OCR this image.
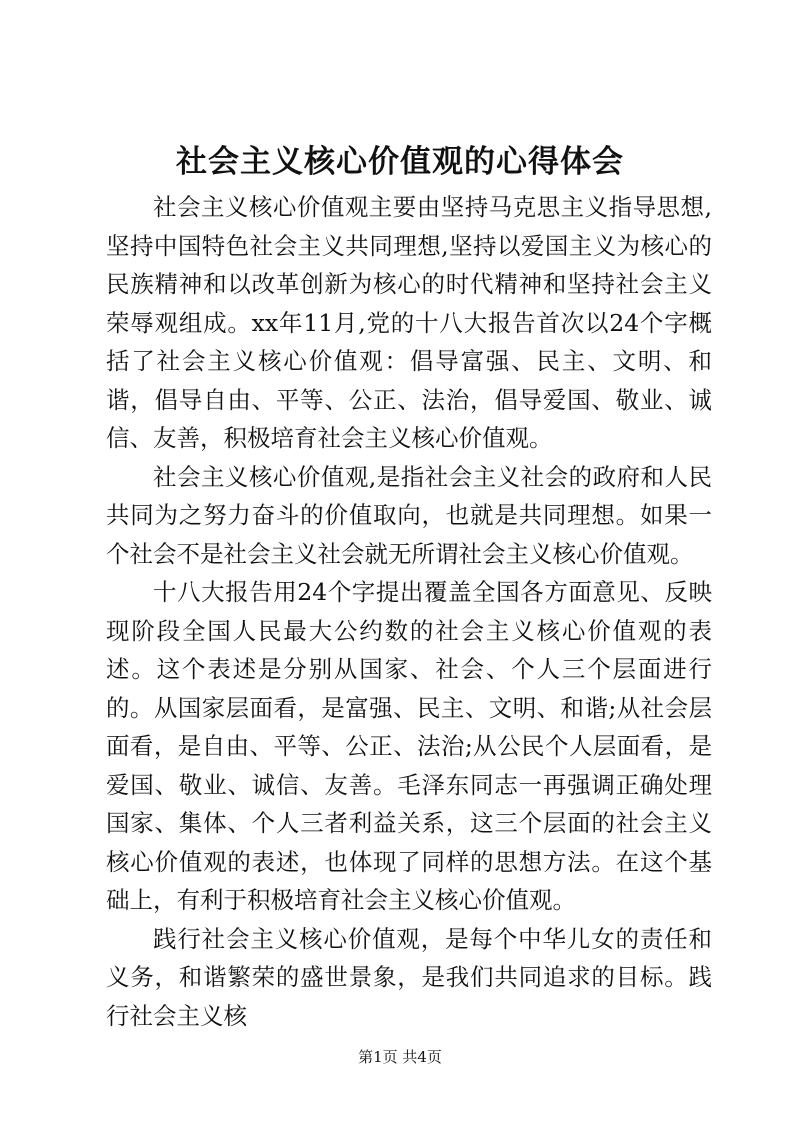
社会主义核心价值观的心得体会

社会主义核心价值观主要由坚持马克思主义指导思想,坚持中国特色社会主义共同理想,坚持以爱国主义为核心的民族精神和以改革创新为核心的时代精神和坚持社会主义荣辱观组成。xx年11月,党的十八大报告首次以24个字概括了社会主义核心价值观：倡导富强、民主、文明、和谐，倡导自由、平等、公正、法治，倡导爱国、敬业、诚信、友善，积极培育社会主义核心价值观。

社会主义核心价值观,是指社会主义社会的政府和人民共同为之努力奋斗的价值取向，也就是共同理想。如果一个社会不是社会主义社会就无所谓社会主义核心价值观。

十八大报告用24个字提出覆盖全国各方面意见、反映现阶段全国人民最大公约数的社会主义核心价值观的表述。这个表述是分别从国家、社会、个人三个层面进行的。从国家层面看，是富强、民主、文明、和谐;从社会层面看，是自由、平等、公正、法治;从公民个人层面看，是爱国、敬业、诚信、友善。毛泽东同志一再强调正确处理国家、集体、个人三者利益关系，这三个层面的社会主义核心价值观的表述，也体现了同样的思想方法。在这个基础上，有利于积极培育社会主义核心价值观。

践行社会主义核心价值观，是每个中华儿女的责任和义务，和谐繁荣的盛世景象，是我们共同追求的目标。践行社会主义核

第1页 共4页
